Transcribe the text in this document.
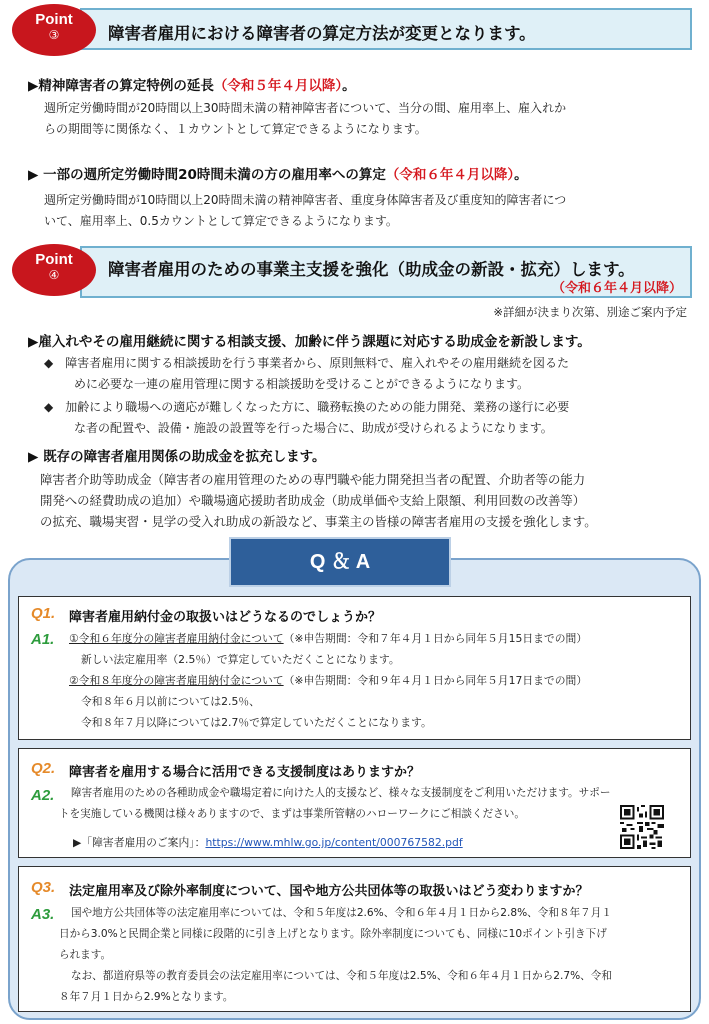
障害者雇用における障害者の算定方法が変更となります。
Point
③
▶精神障害者の算定特例の延長（令和５年４月以降）。
週所定労働時間が20時間以上30時間未満の精神障害者について、当分の間、雇用率上、雇入れか
らの期間等に関係なく、１カウントとして算定できるようになります。
▶ 一部の週所定労働時間20時間未満の方の雇用率への算定（令和６年４月以降）。
週所定労働時間が10時間以上20時間未満の精神障害者、重度身体障害者及び重度知的障害者につ
いて、雇用率上、0.5カウントとして算定できるようになります。
障害者雇用のための事業主支援を強化（助成金の新設・拡充）します。
（令和６年４月以降）
Point
④
※詳細が決まり次第、別途ご案内予定
▶雇入れやその雇用継続に関する相談支援、加齢に伴う課題に対応する助成金を新設します。
◆　障害者雇用に関する相談援助を行う事業者から、原則無料で、雇入れやその雇用継続を図るた
めに必要な一連の雇用管理に関する相談援助を受けることができるようになります。
◆　加齢により職場への適応が難しくなった方に、職務転換のための能力開発、業務の遂行に必要
な者の配置や、設備・施設の設置等を行った場合に、助成が受けられるようになります。
▶ 既存の障害者雇用関係の助成金を拡充します。
障害者介助等助成金（障害者の雇用管理のための専門職や能力開発担当者の配置、介助者等の能力
開発への経費助成の追加）や職場適応援助者助成金（助成単価や支給上限額、利用回数の改善等）
の拡充、職場実習・見学の受入れ助成の新設など、事業主の皆様の障害者雇用の支援を強化します。
Q ＆ A
Q1. 障害者雇用納付金の取扱いはどうなるのでしょうか？
A1. ①令和６年度分の障害者雇用納付金について（※申告期間：令和７年４月１日から同年５月15日までの間）
新しい法定雇用率（2.5％）で算定していただくことになります。
②令和８年度分の障害者雇用納付金について（※申告期間：令和９年４月１日から同年５月17日までの間）
令和８年６月以前については2.5％、
令和８年７月以降については2.7％で算定していただくことになります。
Q2. 障害者を雇用する場合に活用できる支援制度はありますか？
A2. 障害者雇用のための各種助成金や職場定着に向けた人的支援など、様々な支援制度をご利用いただけます。サポー
トを実施している機関は様々ありますので、まずは事業所管轄のハローワークにご相談ください。
▶「障害者雇用のご案内」：https://www.mhlw.go.jp/content/000767582.pdf
Q3. 法定雇用率及び除外率制度について、国や地方公共団体等の取扱いはどう変わりますか？
A3. 国や地方公共団体等の法定雇用率については、令和５年度は2.6%、令和６年４月１日から2.8%、令和８年７月１
日から3.0%と民間企業と同様に段階的に引き上げとなります。除外率制度についても、同様に10ポイント引き下げ
られます。
なお、都道府県等の教育委員会の法定雇用率については、令和５年度は2.5%、令和６年４月１日から2.7%、令和
８年７月１日から2.9%となります。
